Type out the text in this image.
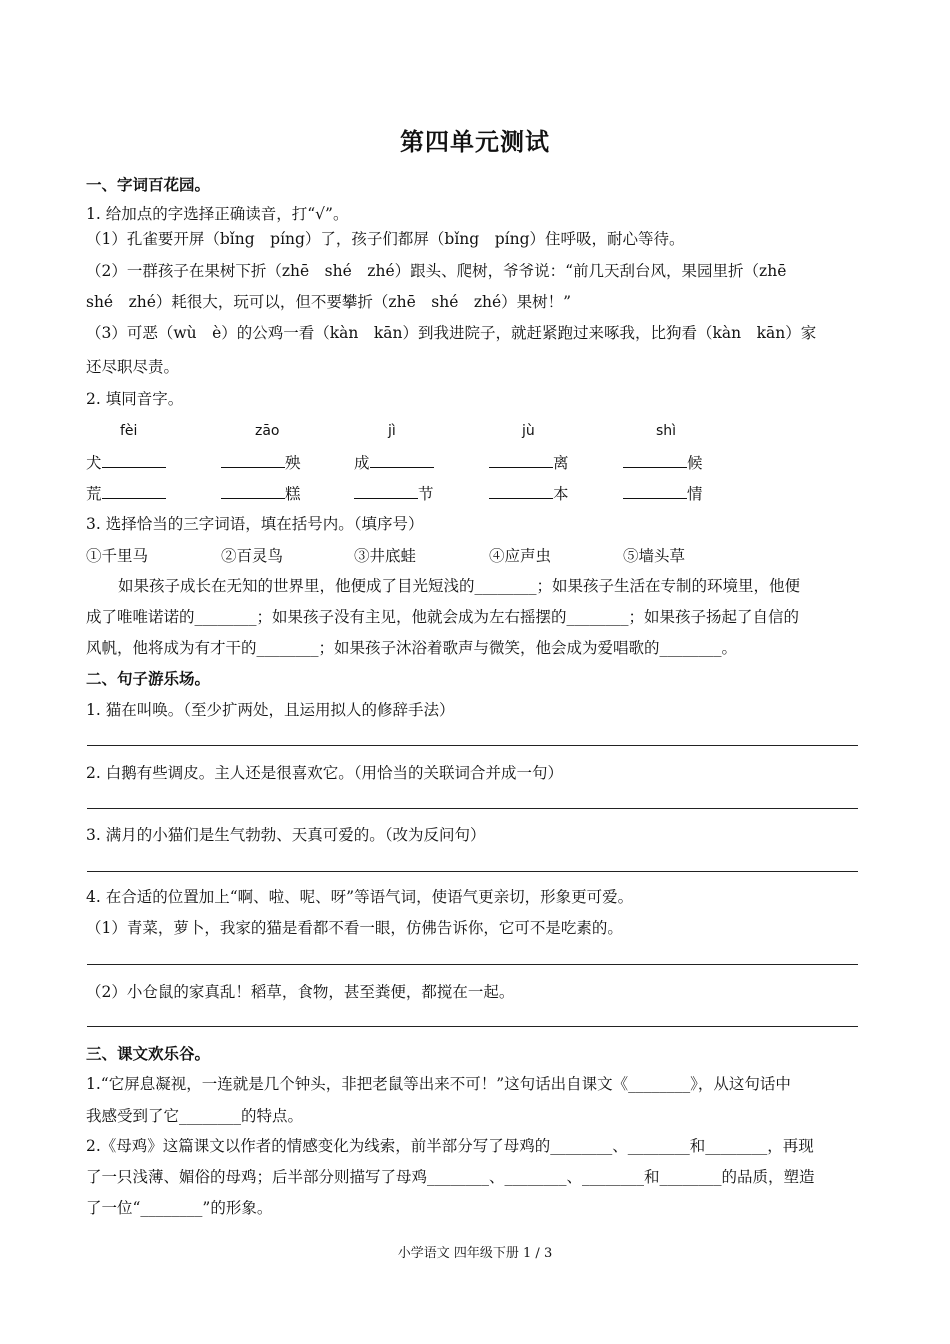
第四单元测试
一、字词百花园。
1. 给加点的字选择正确读音，打“√”。
（1）孔雀要开屏（bǐng　píng）了，孩子们都屏（bǐng　píng）住呼吸，耐心等待。
（2）一群孩子在果树下折（zhē　shé　zhé）跟头、爬树，爷爷说：“前几天刮台风，果园里折（zhē
shé　zhé）耗很大，玩可以，但不要攀折（zhē　shé　zhé）果树！”
（3）可恶（wù　è）的公鸡一看（kàn　kān）到我进院子，就赶紧跑过来啄我，比狗看（kàn　kān）家
还尽职尽责。
2. 填同音字。
fèi	zāo	jì	jù	shì
犬	殃	成	离	候
荒	糕	节	本	情
3. 选择恰当的三字词语，填在括号内。（填序号）
①千里马	②百灵鸟	③井底蛙	④应声虫	⑤墙头草
如果孩子成长在无知的世界里，他便成了目光短浅的________；如果孩子生活在专制的环境里，他便
成了唯唯诺诺的________；如果孩子没有主见，他就会成为左右摇摆的________；如果孩子扬起了自信的
风帆，他将成为有才干的________；如果孩子沐浴着歌声与微笑，他会成为爱唱歌的________。
二、句子游乐场。
1. 猫在叫唤。（至少扩两处，且运用拟人的修辞手法）
2. 白鹅有些调皮。主人还是很喜欢它。（用恰当的关联词合并成一句）
3. 满月的小猫们是生气勃勃、天真可爱的。（改为反问句）
4. 在合适的位置加上“啊、啦、呢、呀”等语气词，使语气更亲切，形象更可爱。
（1）青菜，萝卜，我家的猫是看都不看一眼，仿佛告诉你，它可不是吃素的。
（2）小仓鼠的家真乱！稻草，食物，甚至粪便，都搅在一起。
三、课文欢乐谷。
1.“它屏息凝视，一连就是几个钟头，非把老鼠等出来不可！”这句话出自课文《________》，从这句话中
我感受到了它________的特点。
2.《母鸡》这篇课文以作者的情感变化为线索，前半部分写了母鸡的________、________和________，再现
了一只浅薄、媚俗的母鸡；后半部分则描写了母鸡________、________、________和________的品质，塑造
了一位“________”的形象。
小学语文 四年级下册 1 / 3
